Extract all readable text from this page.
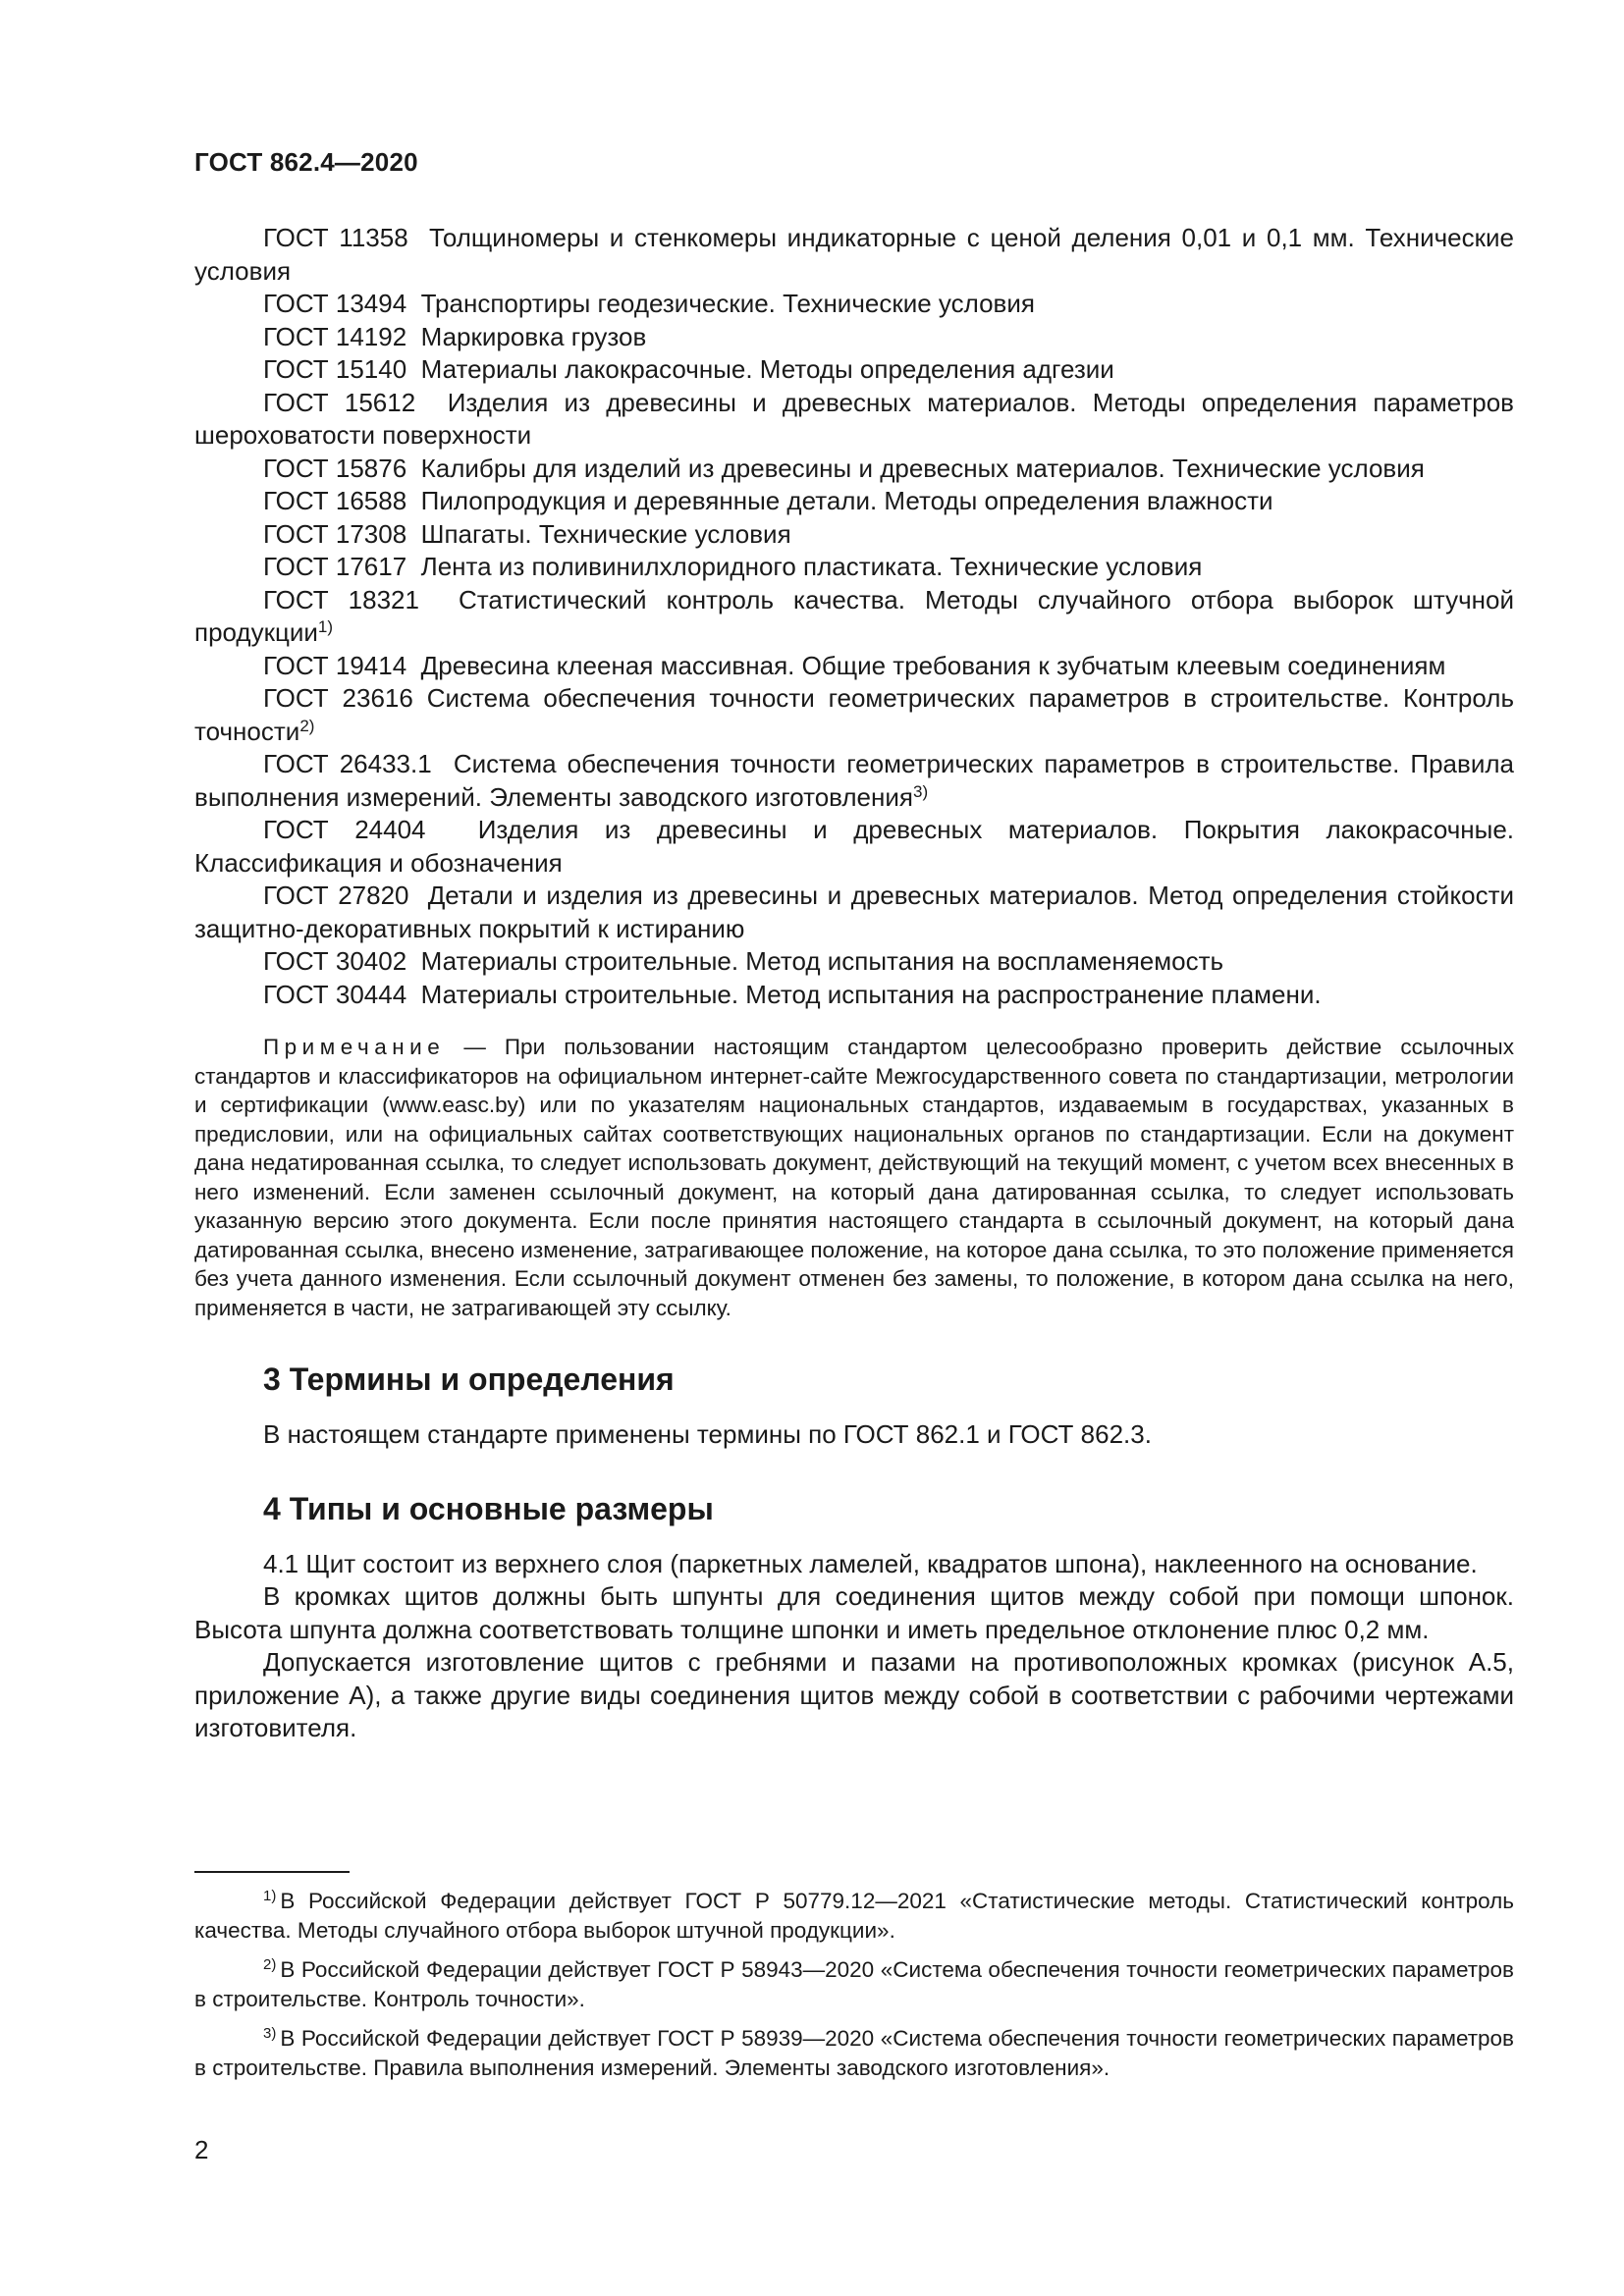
ГОСТ 862.4—2020

ГОСТ 11358 Толщиномеры и стенкомеры индикаторные с ценой деления 0,01 и 0,1 мм. Технические условия

ГОСТ 13494 Транспортиры геодезические. Технические условия

ГОСТ 14192 Маркировка грузов

ГОСТ 15140 Материалы лакокрасочные. Методы определения адгезии

ГОСТ 15612 Изделия из древесины и древесных материалов. Методы определения параметров шероховатости поверхности

ГОСТ 15876 Калибры для изделий из древесины и древесных материалов. Технические условия

ГОСТ 16588 Пилопродукция и деревянные детали. Методы определения влажности

ГОСТ 17308 Шпагаты. Технические условия

ГОСТ 17617 Лента из поливинилхлоридного пластиката. Технические условия

ГОСТ 18321 Статистический контроль качества. Методы случайного отбора выборок штучной продукции$^{1)}$

ГОСТ 19414 Древесина клееная массивная. Общие требования к зубчатым клеевым соединениям

ГОСТ 23616 Система обеспечения точности геометрических параметров в строительстве. Контроль точности$^{2)}$

ГОСТ 26433.1 Система обеспечения точности геометрических параметров в строительстве. Правила выполнения измерений. Элементы заводского изготовления$^{3)}$

ГОСТ 24404 Изделия из древесины и древесных материалов. Покрытия лакокрасочные. Классификация и обозначения

ГОСТ 27820 Детали и изделия из древесины и древесных материалов. Метод определения стойкости защитно-декоративных покрытий к истиранию

ГОСТ 30402 Материалы строительные. Метод испытания на воспламеняемость

ГОСТ 30444 Материалы строительные. Метод испытания на распространение пламени.

Примечание — При пользовании настоящим стандартом целесообразно проверить действие ссылочных стандартов и классификаторов на официальном интернет-сайте Межгосударственного совета по стандартизации, метрологии и сертификации (www.easc.by) или по указателям национальных стандартов, издаваемым в государствах, указанных в предисловии, или на официальных сайтах соответствующих национальных органов по стандартизации. Если на документ дана недатированная ссылка, то следует использовать документ, действующий на текущий момент, с учетом всех внесенных в него изменений. Если заменен ссылочный документ, на который дана датированная ссылка, то следует использовать указанную версию этого документа. Если после принятия настоящего стандарта в ссылочный документ, на который дана датированная ссылка, внесено изменение, затрагивающее положение, на которое дана ссылка, то это положение применяется без учета данного изменения. Если ссылочный документ отменен без замены, то положение, в котором дана ссылка на него, применяется в части, не затрагивающей эту ссылку.

3 Термины и определения

В настоящем стандарте применены термины по ГОСТ 862.1 и ГОСТ 862.3.

4 Типы и основные размеры

4.1 Щит состоит из верхнего слоя (паркетных ламелей, квадратов шпона), наклеенного на основание.

В кромках щитов должны быть шпунты для соединения щитов между собой при помощи шпонок. Высота шпунта должна соответствовать толщине шпонки и иметь предельное отклонение плюс 0,2 мм.

Допускается изготовление щитов с гребнями и пазами на противоположных кромках (рисунок А.5, приложение А), а также другие виды соединения щитов между собой в соответствии с рабочими чертежами изготовителя.

$^{1)}$ В Российской Федерации действует ГОСТ Р 50779.12—2021 «Статистические методы. Статистический контроль качества. Методы случайного отбора выборок штучной продукции».

$^{2)}$ В Российской Федерации действует ГОСТ Р 58943—2020 «Система обеспечения точности геометрических параметров в строительстве. Контроль точности».

$^{3)}$ В Российской Федерации действует ГОСТ Р 58939—2020 «Система обеспечения точности геометрических параметров в строительстве. Правила выполнения измерений. Элементы заводского изготовления».

2
